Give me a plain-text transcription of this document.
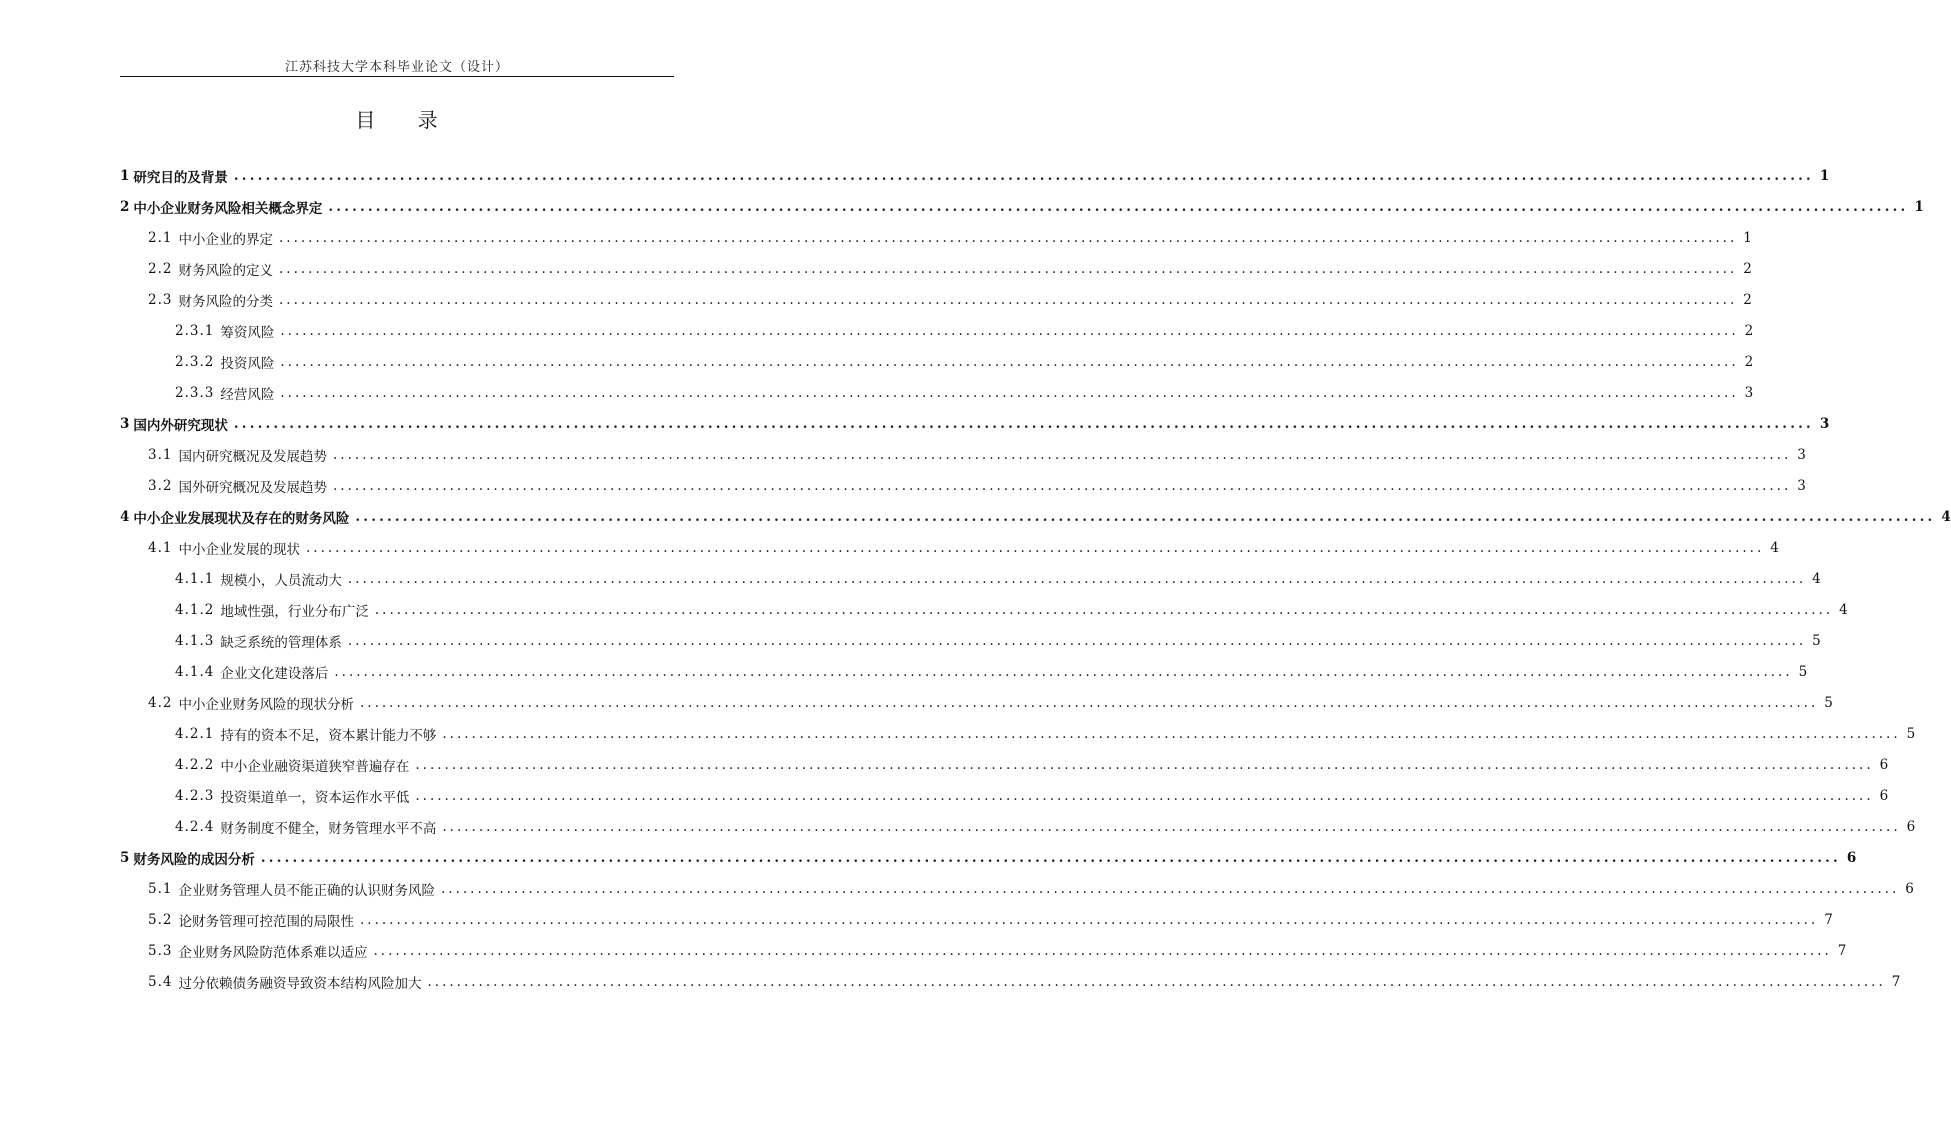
江苏科技大学本科毕业论文（设计）
目 录
1 研究目的及背景 ........................................................................................................................................................................................................ 1
2 中小企业财务风险相关概念界定 ........................................................................................................................................................................................................ 1
2.1 中小企业的界定 ........................................................................................................................................................................................................ 1
2.2 财务风险的定义 ........................................................................................................................................................................................................ 2
2.3 财务风险的分类 ........................................................................................................................................................................................................ 2
2.3.1 筹资风险 ........................................................................................................................................................................................................ 2
2.3.2 投资风险 ........................................................................................................................................................................................................ 2
2.3.3 经营风险 ........................................................................................................................................................................................................ 3
3 国内外研究现状 ........................................................................................................................................................................................................ 3
3.1 国内研究概况及发展趋势 ........................................................................................................................................................................................................ 3
3.2 国外研究概况及发展趋势 ........................................................................................................................................................................................................ 3
4 中小企业发展现状及存在的财务风险 ........................................................................................................................................................................................................ 4
4.1 中小企业发展的现状 ........................................................................................................................................................................................................ 4
4.1.1 规模小，人员流动大 ........................................................................................................................................................................................................ 4
4.1.2 地域性强，行业分布广泛 ........................................................................................................................................................................................................ 4
4.1.3 缺乏系统的管理体系 ........................................................................................................................................................................................................ 5
4.1.4 企业文化建设落后 ........................................................................................................................................................................................................ 5
4.2 中小企业财务风险的现状分析 ........................................................................................................................................................................................................ 5
4.2.1 持有的资本不足，资本累计能力不够 ........................................................................................................................................................................................................ 5
4.2.2 中小企业融资渠道狭窄普遍存在 ........................................................................................................................................................................................................ 6
4.2.3 投资渠道单一，资本运作水平低 ........................................................................................................................................................................................................ 6
4.2.4 财务制度不健全，财务管理水平不高 ........................................................................................................................................................................................................ 6
5 财务风险的成因分析 ........................................................................................................................................................................................................ 6
5.1 企业财务管理人员不能正确的认识财务风险 ........................................................................................................................................................................................................ 6
5.2 论财务管理可控范围的局限性 ........................................................................................................................................................................................................ 7
5.3 企业财务风险防范体系难以适应 ........................................................................................................................................................................................................ 7
5.4 过分依赖债务融资导致资本结构风险加大 ........................................................................................................................................................................................................ 7
